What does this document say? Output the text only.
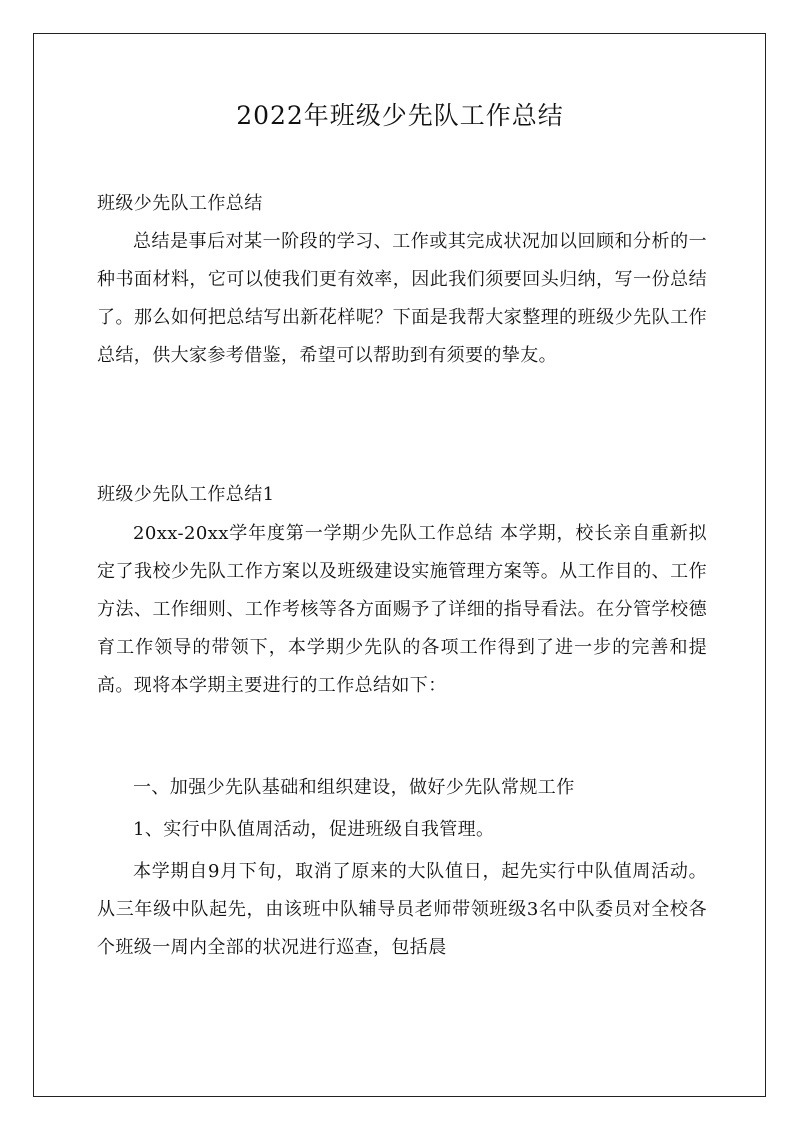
2022年班级少先队工作总结

班级少先队工作总结

总结是事后对某一阶段的学习、工作或其完成状况加以回顾和分析的一种书面材料，它可以使我们更有效率，因此我们须要回头归纳，写一份总结了。那么如何把总结写出新花样呢？下面是我帮大家整理的班级少先队工作总结，供大家参考借鉴，希望可以帮助到有须要的挚友。

班级少先队工作总结1

20xx-20xx学年度第一学期少先队工作总结 本学期，校长亲自重新拟定了我校少先队工作方案以及班级建设实施管理方案等。从工作目的、工作方法、工作细则、工作考核等各方面赐予了详细的指导看法。在分管学校德育工作领导的带领下，本学期少先队的各项工作得到了进一步的完善和提高。现将本学期主要进行的工作总结如下：

一、加强少先队基础和组织建设，做好少先队常规工作

1、实行中队值周活动，促进班级自我管理。

本学期自9月下旬，取消了原来的大队值日，起先实行中队值周活动。从三年级中队起先，由该班中队辅导员老师带领班级3名中队委员对全校各个班级一周内全部的状况进行巡查，包括晨
